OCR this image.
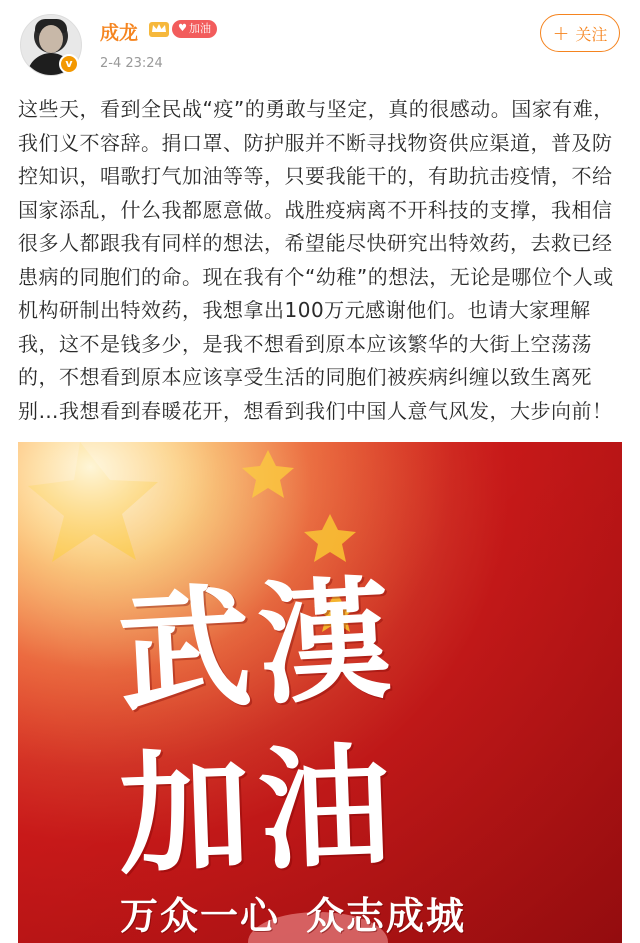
v
成龙	♥ 加油
2-4 23:24
+ 关注
这些天，看到全民战“疫”的勇敢与坚定，真的很感动。国家有难，我们义不容辞。捐口罩、防护服并不断寻找物资供应渠道，普及防控知识，唱歌打气加油等等，只要我能干的，有助抗击疫情，不给国家添乱，什么我都愿意做。战胜疫病离不开科技的支撑，我相信很多人都跟我有同样的想法，希望能尽快研究出特效药，去救已经患病的同胞们的命。现在我有个“幼稚”的想法，无论是哪位个人或机构研制出特效药，我想拿出100万元感谢他们。也请大家理解我，这不是钱多少，是我不想看到原本应该繁华的大街上空荡荡的，不想看到原本应该享受生活的同胞们被疾病纠缠以致生离死别…我想看到春暖花开，想看到我们中国人意气风发，大步向前！
武漢
加油
万众一心 众志成城
